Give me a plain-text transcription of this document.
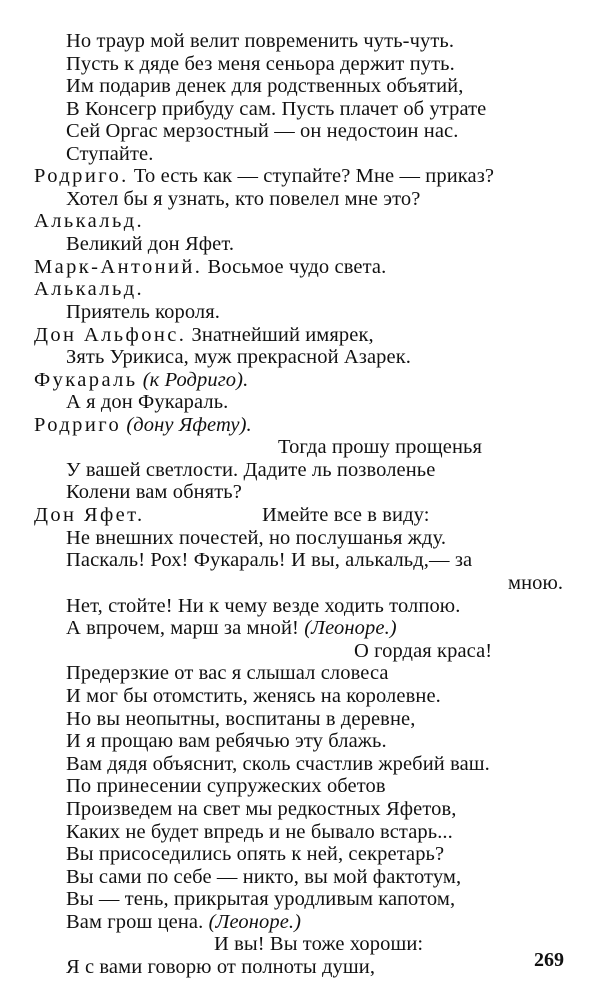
Но траур мой велит повременить чуть-чуть.
Пусть к дяде без меня сеньора держит путь.
Им подарив денек для родственных объятий,
В Консегр прибуду сам. Пусть плачет об утрате
Сей Оргас мерзостный — он недостоин нас.
Ступайте.
Родриго. То есть как — ступайте? Мне — приказ?
Хотел бы я узнать, кто повелел мне это?
Алькальд.
Великий дон Яфет.
Марк-Антоний. Восьмое чудо света.
Алькальд.
Приятель короля.
Дон Альфонс. Знатнейший имярек,
Зять Урикиса, муж прекрасной Азарек.
Фукараль (к Родриго).
А я дон Фукараль.
Родриго (дону Яфету).
Тогда прошу прощенья
У вашей светлости. Дадите ль позволенье
Колени вам обнять?
Дон Яфет.	Имейте все в виду:
Не внешних почестей, но послушанья жду.
Паскаль! Рох! Фукараль! И вы, алькальд,— за
мною.
Нет, стойте! Ни к чему везде ходить толпою.
А впрочем, марш за мной! (Леоноре.)
О гордая краса!
Предерзкие от вас я слышал словеса
И мог бы отомстить, женясь на королевне.
Но вы неопытны, воспитаны в деревне,
И я прощаю вам ребячью эту блажь.
Вам дядя объяснит, сколь счастлив жребий ваш.
По принесении супружеских обетов
Произведем на свет мы редкостных Яфетов,
Каких не будет впредь и не бывало встарь...
Вы присоседились опять к ней, секретарь?
Вы сами по себе — никто, вы мой фактотум,
Вы — тень, прикрытая уродливым капотом,
Вам грош цена. (Леоноре.)
И вы! Вы тоже хороши:
Я с вами говорю от полноты души,	269
